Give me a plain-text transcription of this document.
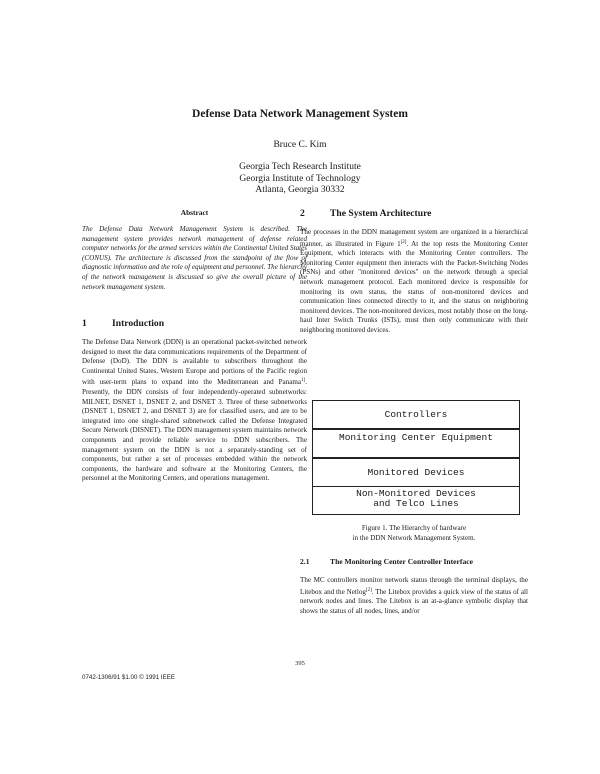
Defense Data Network Management System
Bruce C. Kim
Georgia Tech Research Institute
Georgia Institute of Technology
Atlanta, Georgia 30332
Abstract
The Defense Data Network Management System is described. The management system provides network management of defense related computer networks for the armed services within the Continental United States (CONUS). The architecture is discussed from the standpoint of the flow of diagnostic information and the role of equipment and personnel. The hierarchy of the network management is discussed so give the overall picture of the network management system.
1	Introduction
The Defense Data Network (DDN) is an operational packet-switched network designed to meet the data communications requirements of the Department of Defense (DoD). The DDN is available to subscribers throughout the Continental United States, Western Europe and portions of the Pacific region with user-term plans to expand into the Mediterranean and Panama$^{1]}$. Presently, the DDN consists of four independently-operated subnetworks: MILNET, DSNET 1, DSNET 2, and DSNET 3. Three of these subnetworks (DSNET 1, DSNET 2, and DSNET 3) are for classified users, and are to be integrated into one single-shared subnetwork called the Defense Integrated Secure Network (DISNET). The DDN management system maintains network components and provide reliable service to DDN subscribers. The management system on the DDN is not a separately-standing set of components, but rather a set of processes embedded within the network components, the hardware and software at the Monitoring Centers, the personnel at the Monitoring Centers, and operations management.
2	The System Architecture
The processes in the DDN management system are organized in a hierarchical manner, as illustrated in Figure 1[2]. At the top rests the Monitoring Center Equipment, which interacts with the Monitoring Center controllers. The Monitoring Center equipment then interacts with the Packet-Switching Nodes (PSNs) and other "monitored devices" on the network through a special network management protocol. Each monitored device is responsible for monitoring its own status, the status of non-monitored devices and communication lines connected directly to it, and the status on neighboring monitored devices. The non-monitored devices, most notably those on the long-haul Inter Switch Trunks (ISTs), must then only communicate with their neighboring monitored devices.
Controllers
Monitoring Center Equipment
Monitored Devices
Non-Monitored Devices and Telco Lines
Figure 1. The Hierarchy of hardware
in the DDN Network Management System.
2.1	The Monitoring Center Controller Interface
The MC controllers monitor network status through the terminal displays, the Litebox and the Netlog[2]. The Litebox provides a quick view of the status of all network nodes and lines. The Litebox is an at-a-glance symbolic display that shows the status of all nodes, lines, and/or
395
0742-1306/91 $1.00 © 1991 IEEE
